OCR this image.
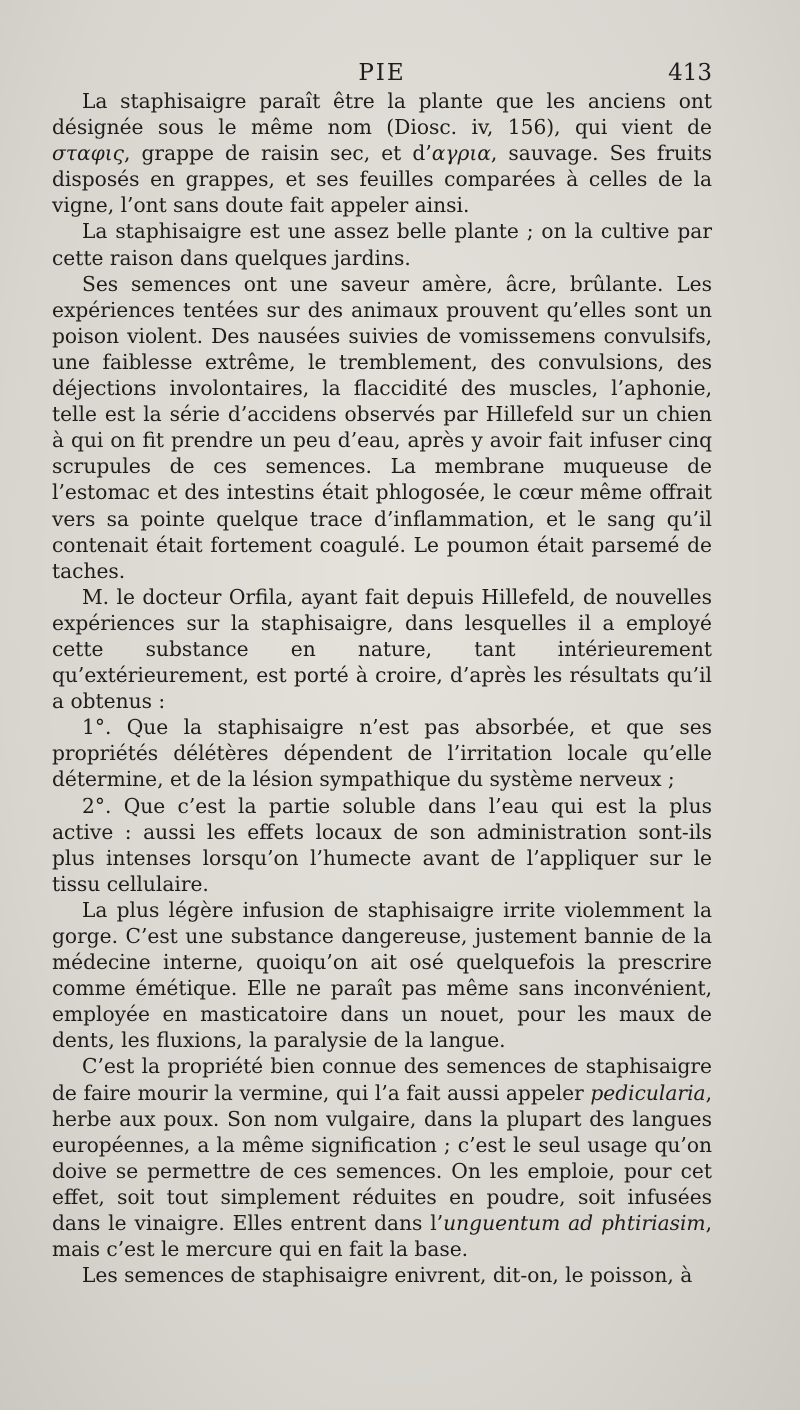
PIE	413

La staphisaigre paraît être la plante que les anciens ont désignée sous le même nom (Diosc. iv, 156), qui vient de σταφις, grappe de raisin sec, et d’αγρια, sauvage. Ses fruits disposés en grappes, et ses feuilles comparées à celles de la vigne, l’ont sans doute fait appeler ainsi.

La staphisaigre est une assez belle plante ; on la cultive par cette raison dans quelques jardins.

Ses semences ont une saveur amère, âcre, brûlante. Les expériences tentées sur des animaux prouvent qu’elles sont un poison violent. Des nausées suivies de vomissemens convulsifs, une faiblesse extrême, le tremblement, des convulsions, des déjections involontaires, la flaccidité des muscles, l’aphonie, telle est la série d’accidens observés par Hillefeld sur un chien à qui on fit prendre un peu d’eau, après y avoir fait infuser cinq scrupules de ces semences. La membrane muqueuse de l’estomac et des intestins était phlogosée, le cœur même offrait vers sa pointe quelque trace d’inflammation, et le sang qu’il contenait était fortement coagulé. Le poumon était parsemé de taches.

M. le docteur Orfila, ayant fait depuis Hillefeld, de nouvelles expériences sur la staphisaigre, dans lesquelles il a employé cette substance en nature, tant intérieurement qu’extérieurement, est porté à croire, d’après les résultats qu’il a obtenus :

1°. Que la staphisaigre n’est pas absorbée, et que ses propriétés délétères dépendent de l’irritation locale qu’elle détermine, et de la lésion sympathique du système nerveux ;

2°. Que c’est la partie soluble dans l’eau qui est la plus active : aussi les effets locaux de son administration sont-ils plus intenses lorsqu’on l’humecte avant de l’appliquer sur le tissu cellulaire.

La plus légère infusion de staphisaigre irrite violemment la gorge. C’est une substance dangereuse, justement bannie de la médecine interne, quoiqu’on ait osé quelquefois la prescrire comme émétique. Elle ne paraît pas même sans inconvénient, employée en masticatoire dans un nouet, pour les maux de dents, les fluxions, la paralysie de la langue.

C’est la propriété bien connue des semences de staphisaigre de faire mourir la vermine, qui l’a fait aussi appeler pedicularia, herbe aux poux. Son nom vulgaire, dans la plupart des langues européennes, a la même signification ; c’est le seul usage qu’on doive se permettre de ces semences. On les emploie, pour cet effet, soit tout simplement réduites en poudre, soit infusées dans le vinaigre. Elles entrent dans l’unguentum ad phtiriasim, mais c’est le mercure qui en fait la base.

Les semences de staphisaigre enivrent, dit-on, le poisson, à
